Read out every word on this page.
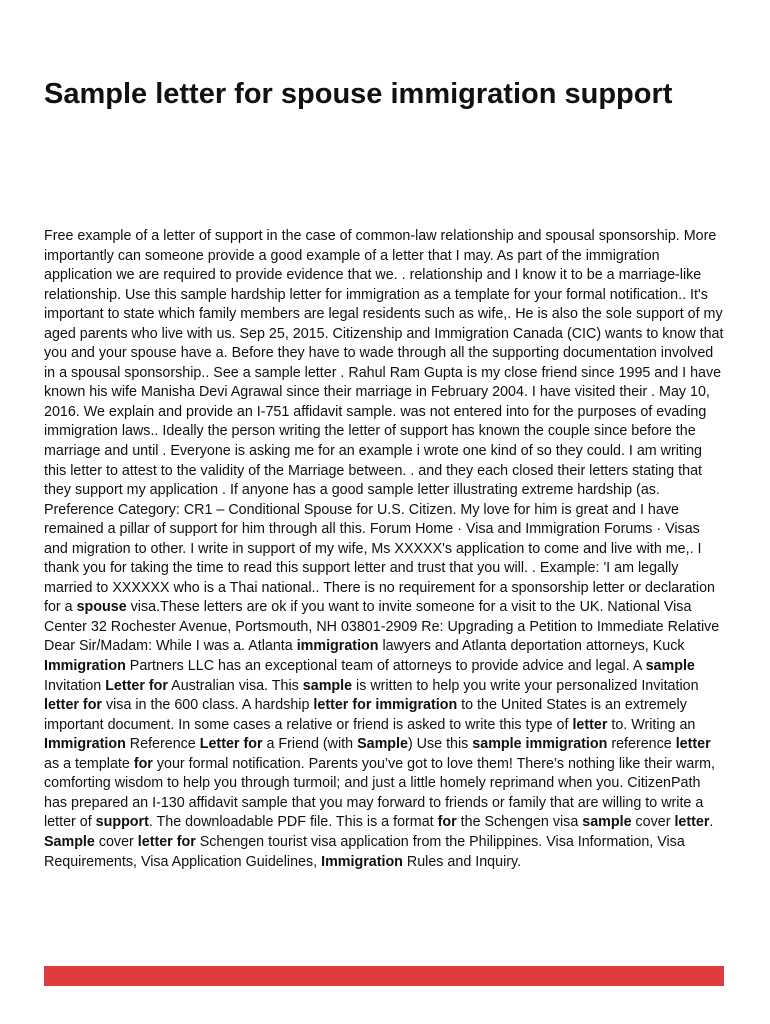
Sample letter for spouse immigration support

Free example of a letter of support in the case of common-law relationship and spousal sponsorship. More importantly can someone provide a good example of a letter that I may. As part of the immigration application we are required to provide evidence that we. . relationship and I know it to be a marriage-like relationship. Use this sample hardship letter for immigration as a template for your formal notification.. It's important to state which family members are legal residents such as wife,. He is also the sole support of my aged parents who live with us. Sep 25, 2015. Citizenship and Immigration Canada (CIC) wants to know that you and your spouse have a. Before they have to wade through all the supporting documentation involved in a spousal sponsorship.. See a sample letter . Rahul Ram Gupta is my close friend since 1995 and I have known his wife Manisha Devi Agrawal since their marriage in February 2004. I have visited their . May 10, 2016. We explain and provide an I-751 affidavit sample. was not entered into for the purposes of evading immigration laws.. Ideally the person writing the letter of support has known the couple since before the marriage and until . Everyone is asking me for an example i wrote one kind of so they could. I am writing this letter to attest to the validity of the Marriage between. . and they each closed their letters stating that they support my application . If anyone has a good sample letter illustrating extreme hardship (as. Preference Category: CR1 – Conditional Spouse for U.S. Citizen. My love for him is great and I have remained a pillar of support for him through all this. Forum Home · Visa and Immigration Forums · Visas and migration to other. I write in support of my wife, Ms XXXXX's application to come and live with me,. I thank you for taking the time to read this support letter and trust that you will. . Example: 'I am legally married to XXXXXX who is a Thai national.. There is no requirement for a sponsorship letter or declaration for a spouse visa.These letters are ok if you want to invite someone for a visit to the UK. National Visa Center 32 Rochester Avenue, Portsmouth, NH 03801-2909 Re: Upgrading a Petition to Immediate Relative Dear Sir/Madam: While I was a. Atlanta immigration lawyers and Atlanta deportation attorneys, Kuck Immigration Partners LLC has an exceptional team of attorneys to provide advice and legal. A sample Invitation Letter for Australian visa. This sample is written to help you write your personalized Invitation letter for visa in the 600 class. A hardship letter for immigration to the United States is an extremely important document. In some cases a relative or friend is asked to write this type of letter to. Writing an Immigration Reference Letter for a Friend (with Sample) Use this sample immigration reference letter as a template for your formal notification. Parents you’ve got to love them! There’s nothing like their warm, comforting wisdom to help you through turmoil; and just a little homely reprimand when you. CitizenPath has prepared an I-130 affidavit sample that you may forward to friends or family that are willing to write a letter of support. The downloadable PDF file. This is a format for the Schengen visa sample cover letter. Sample cover letter for Schengen tourist visa application from the Philippines. Visa Information, Visa Requirements, Visa Application Guidelines, Immigration Rules and Inquiry.
